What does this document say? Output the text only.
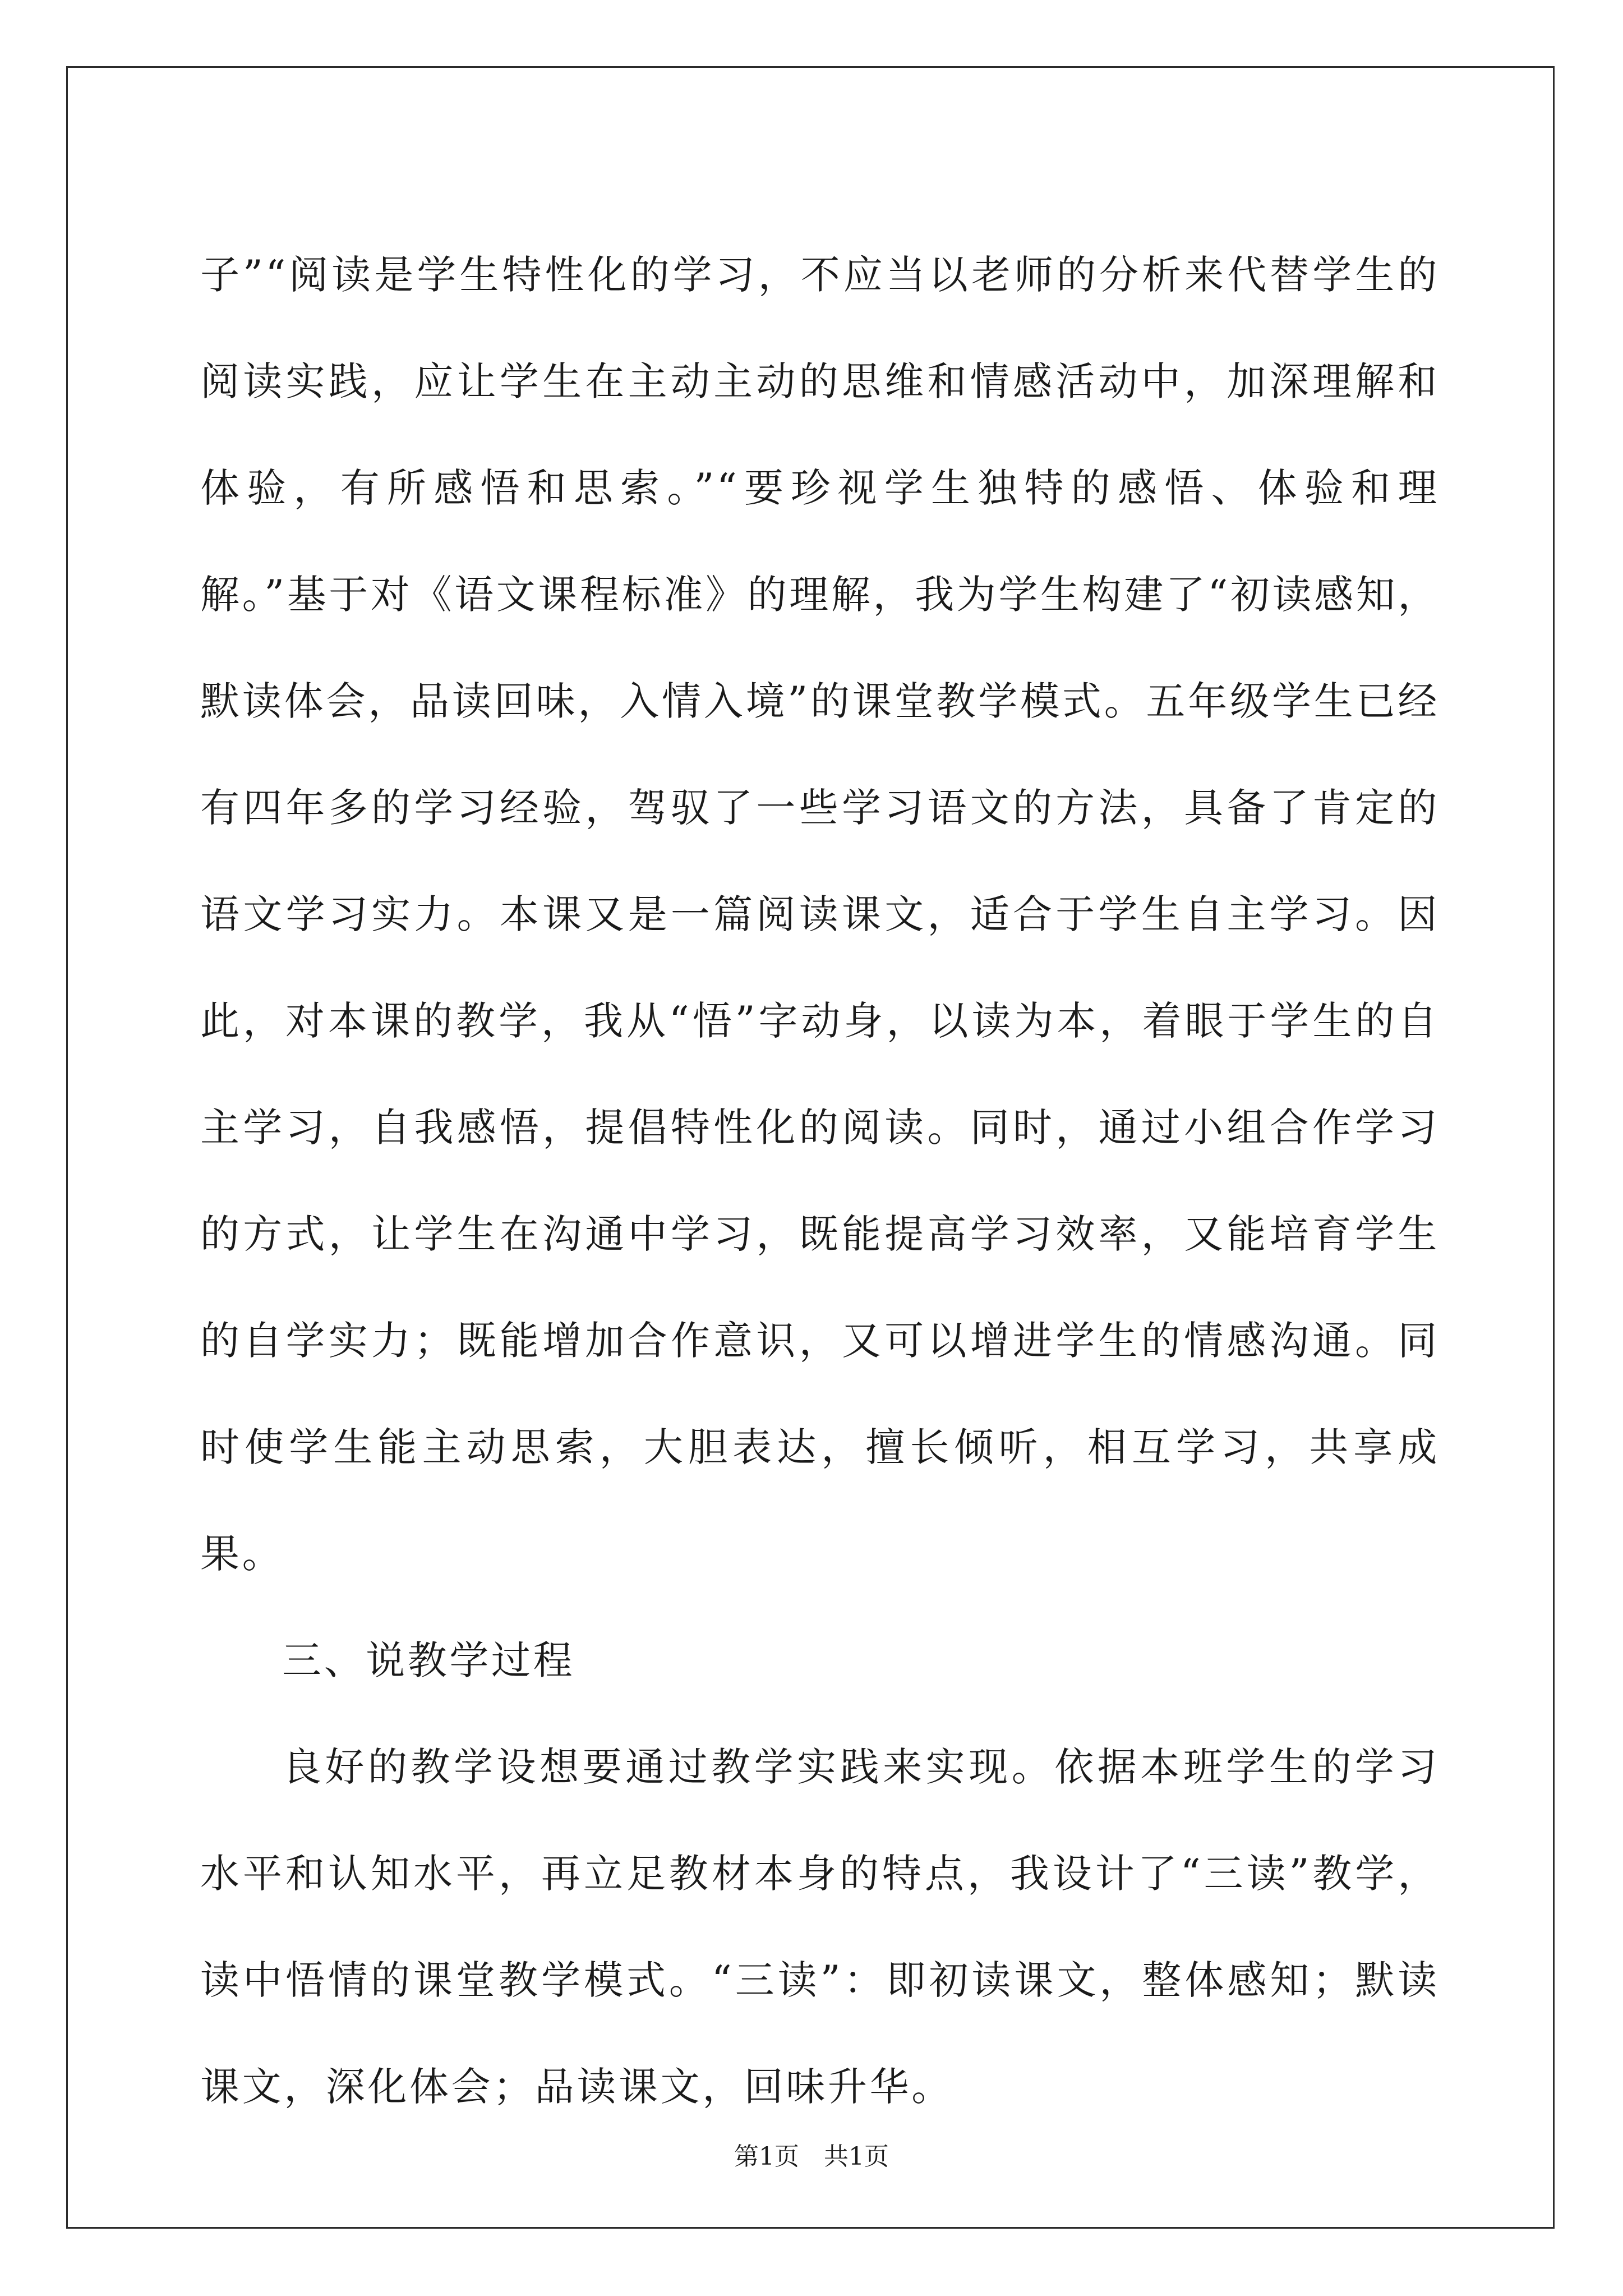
子”“阅读是学生特性化的学习，不应当以老师的分析来代替学生的阅读实践，应让学生在主动主动的思维和情感活动中，加深理解和体验，有所感悟和思索。”“要珍视学生独特的感悟、体验和理解。”基于对《语文课程标准》的理解，我为学生构建了“初读感知，默读体会，品读回味，入情入境”的课堂教学模式。五年级学生已经有四年多的学习经验，驾驭了一些学习语文的方法，具备了肯定的语文学习实力。本课又是一篇阅读课文，适合于学生自主学习。因此，对本课的教学，我从“悟”字动身，以读为本，着眼于学生的自主学习，自我感悟，提倡特性化的阅读。同时，通过小组合作学习的方式，让学生在沟通中学习，既能提高学习效率，又能培育学生的自学实力；既能增加合作意识，又可以增进学生的情感沟通。同时使学生能主动思索，大胆表达，擅长倾听，相互学习，共享成果。

三、说教学过程

良好的教学设想要通过教学实践来实现。依据本班学生的学习水平和认知水平，再立足教材本身的特点，我设计了“三读”教学，读中悟情的课堂教学模式。“三读”：即初读课文，整体感知；默读课文，深化体会；品读课文，回味升华。

第1页　共1页
